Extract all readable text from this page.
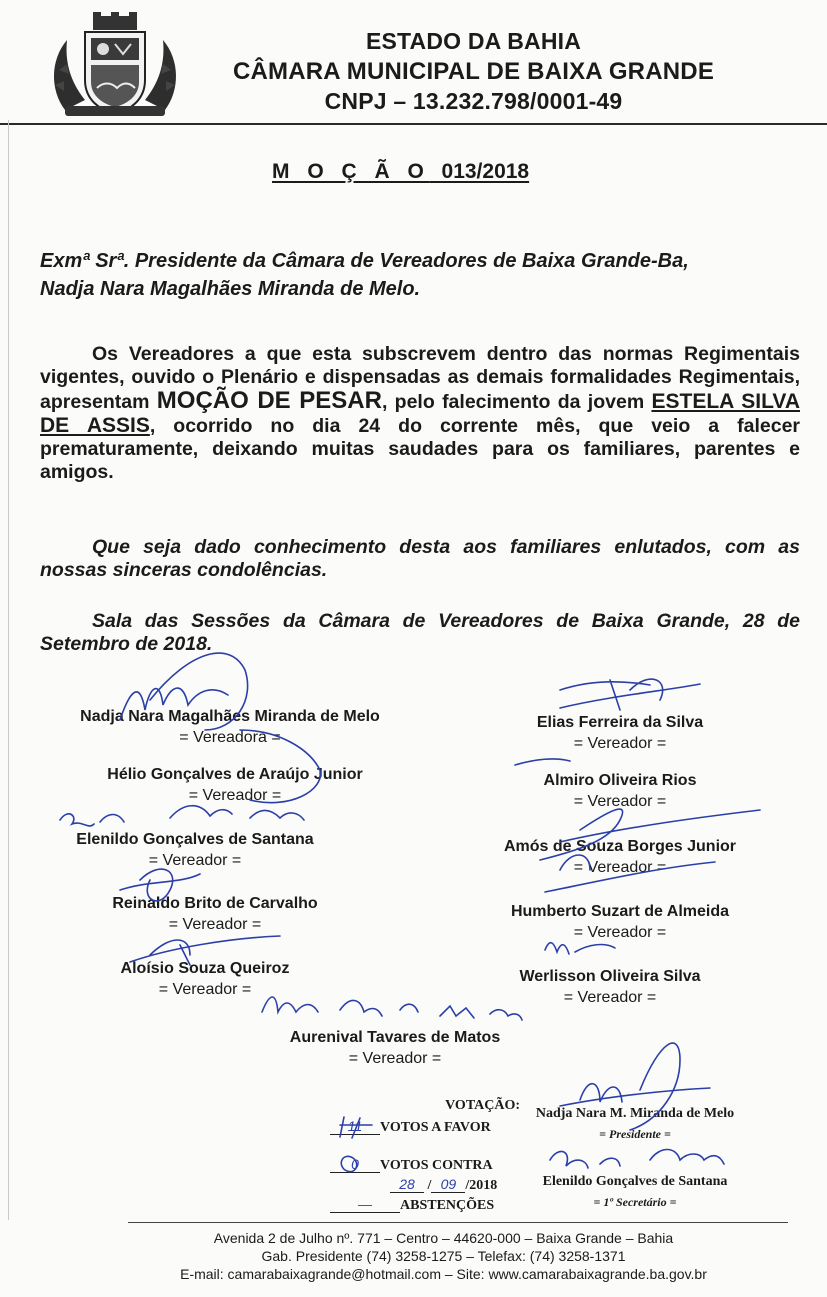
ESTADO DA BAHIA
CÂMARA MUNICIPAL DE BAIXA GRANDE
CNPJ – 13.232.798/0001-49
M O Ç Ã O 013/2018
Exmª Srª. Presidente da Câmara de Vereadores de Baixa Grande-Ba,
Nadja Nara Magalhães Miranda de Melo.
Os Vereadores a que esta subscrevem dentro das normas Regimentais vigentes, ouvido o Plenário e dispensadas as demais formalidades Regimentais, apresentam MOÇÃO DE PESAR, pelo falecimento da jovem ESTELA SILVA DE ASSIS, ocorrido no dia 24 do corrente mês, que veio a falecer prematuramente, deixando muitas saudades para os familiares, parentes e amigos.
Que seja dado conhecimento desta aos familiares enlutados, com as nossas sinceras condolências.
Sala das Sessões da Câmara de Vereadores de Baixa Grande, 28 de Setembro de 2018.
Nadja Nara Magalhães Miranda de Melo
= Vereadora =
Elias Ferreira da Silva
= Vereador =
Hélio Gonçalves de Araújo Junior
= Vereador =
Almiro Oliveira Rios
= Vereador =
Elenildo Gonçalves de Santana
= Vereador =
Amós de Souza Borges Junior
= Vereador =
Reinaldo Brito de Carvalho
= Vereador =
Humberto Suzart de Almeida
= Vereador =
Aloísio Souza Queiroz
= Vereador =
Werlisson Oliveira Silva
= Vereador =
Aurenival Tavares de Matos
= Vereador =
VOTAÇÃO:
11 VOTOS A FAVOR
0 VOTOS CONTRA
28 / 09 /2018
— ABSTENÇÕES
Nadja Nara M. Miranda de Melo
= Presidente =
Elenildo Gonçalves de Santana
= 1º Secretário =
Avenida 2 de Julho nº. 771 – Centro – 44620-000 – Baixa Grande – Bahia
Gab. Presidente (74) 3258-1275 – Telefax: (74) 3258-1371
E-mail: camarabaixagrande@hotmail.com – Site: www.camarabaixagrande.ba.gov.br
